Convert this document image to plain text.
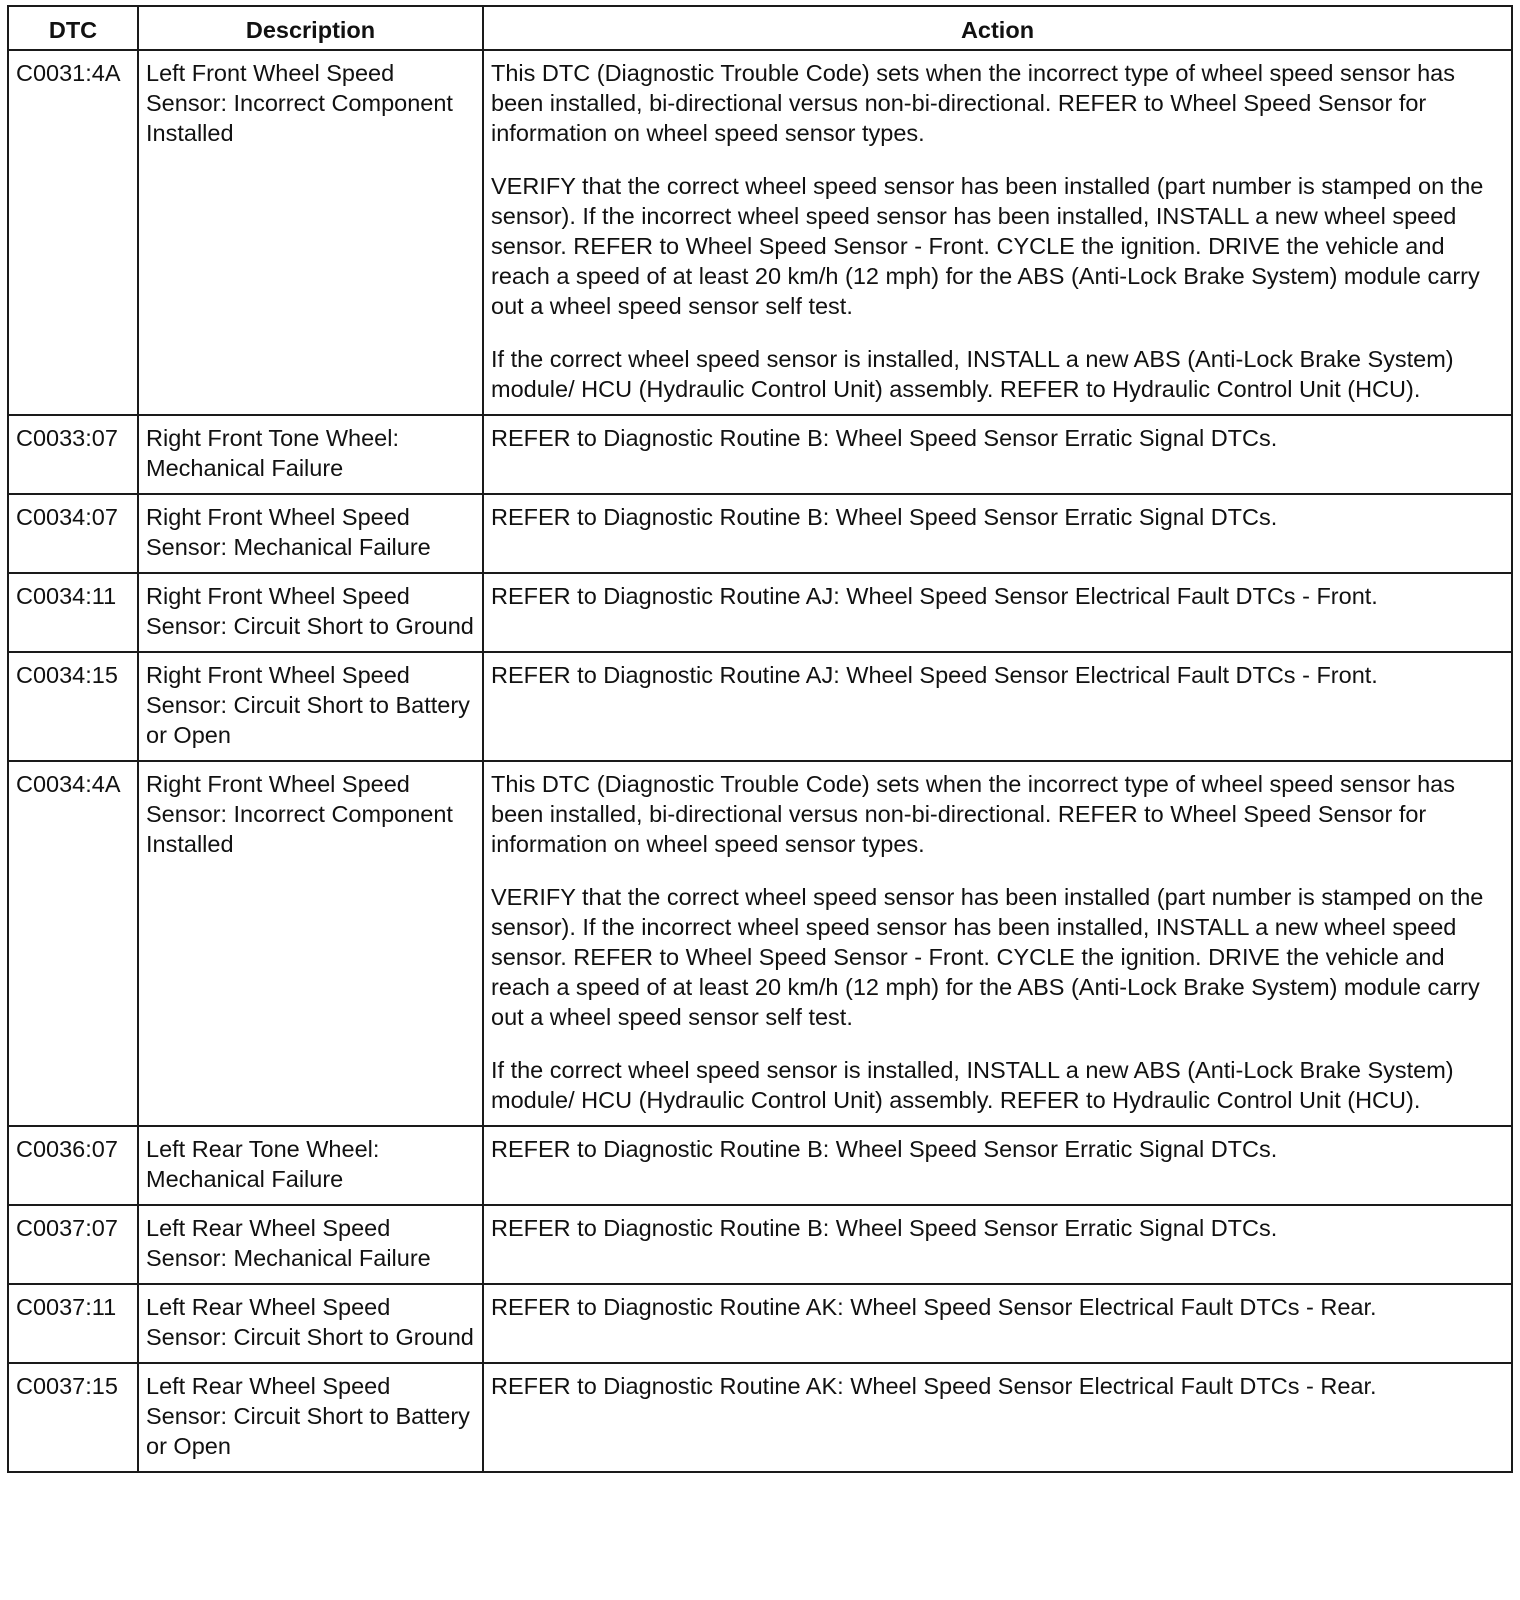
DTC	Description	Action
C0031:4A	Left Front Wheel Speed Sensor: Incorrect Component Installed	This DTC (Diagnostic Trouble Code) sets when the incorrect type of wheel speed sensor has been installed, bi-directional versus non-bi-directional. REFER to Wheel Speed Sensor for information on wheel speed sensor types.

VERIFY that the correct wheel speed sensor has been installed (part number is stamped on the sensor). If the incorrect wheel speed sensor has been installed, INSTALL a new wheel speed sensor. REFER to Wheel Speed Sensor - Front. CYCLE the ignition. DRIVE the vehicle and reach a speed of at least 20 km/h (12 mph) for the ABS (Anti-Lock Brake System) module carry out a wheel speed sensor self test.

If the correct wheel speed sensor is installed, INSTALL a new ABS (Anti-Lock Brake System) module/ HCU (Hydraulic Control Unit) assembly. REFER to Hydraulic Control Unit (HCU).

C0033:07	Right Front Tone Wheel: Mechanical Failure	REFER to Diagnostic Routine B: Wheel Speed Sensor Erratic Signal DTCs.

C0034:07	Right Front Wheel Speed Sensor: Mechanical Failure	REFER to Diagnostic Routine B: Wheel Speed Sensor Erratic Signal DTCs.

C0034:11	Right Front Wheel Speed Sensor: Circuit Short to Ground	REFER to Diagnostic Routine AJ: Wheel Speed Sensor Electrical Fault DTCs - Front.

C0034:15	Right Front Wheel Speed Sensor: Circuit Short to Battery or Open	REFER to Diagnostic Routine AJ: Wheel Speed Sensor Electrical Fault DTCs - Front.

C0034:4A	Right Front Wheel Speed Sensor: Incorrect Component Installed	This DTC (Diagnostic Trouble Code) sets when the incorrect type of wheel speed sensor has been installed, bi-directional versus non-bi-directional. REFER to Wheel Speed Sensor for information on wheel speed sensor types.

VERIFY that the correct wheel speed sensor has been installed (part number is stamped on the sensor). If the incorrect wheel speed sensor has been installed, INSTALL a new wheel speed sensor. REFER to Wheel Speed Sensor - Front. CYCLE the ignition. DRIVE the vehicle and reach a speed of at least 20 km/h (12 mph) for the ABS (Anti-Lock Brake System) module carry out a wheel speed sensor self test.

If the correct wheel speed sensor is installed, INSTALL a new ABS (Anti-Lock Brake System) module/ HCU (Hydraulic Control Unit) assembly. REFER to Hydraulic Control Unit (HCU).

C0036:07	Left Rear Tone Wheel: Mechanical Failure	REFER to Diagnostic Routine B: Wheel Speed Sensor Erratic Signal DTCs.

C0037:07	Left Rear Wheel Speed Sensor: Mechanical Failure	REFER to Diagnostic Routine B: Wheel Speed Sensor Erratic Signal DTCs.

C0037:11	Left Rear Wheel Speed Sensor: Circuit Short to Ground	REFER to Diagnostic Routine AK: Wheel Speed Sensor Electrical Fault DTCs - Rear.

C0037:15	Left Rear Wheel Speed Sensor: Circuit Short to Battery or Open	REFER to Diagnostic Routine AK: Wheel Speed Sensor Electrical Fault DTCs - Rear.
